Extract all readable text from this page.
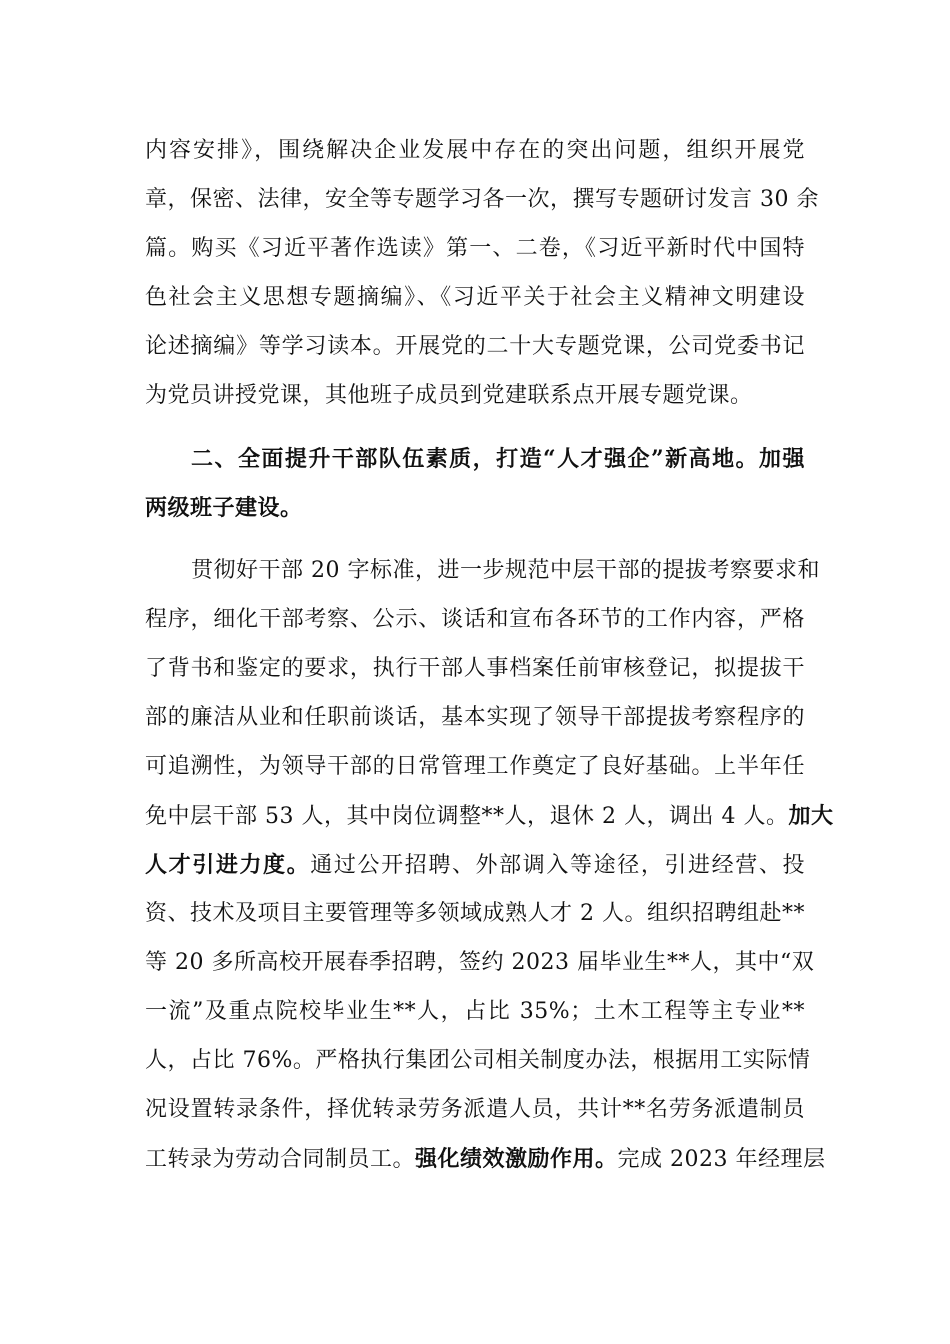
内容安排》，围绕解决企业发展中存在的突出问题，组织开展党
章，保密、法律，安全等专题学习各一次，撰写专题研讨发言 30 余
篇。购买《习近平著作选读》第一、二卷，《习近平新时代中国特
色社会主义思想专题摘编》、《习近平关于社会主义精神文明建设
论述摘编》等学习读本。开展党的二十大专题党课，公司党委书记
为党员讲授党课，其他班子成员到党建联系点开展专题党课。
二、全面提升干部队伍素质，打造“人才强企”新高地。加强
两级班子建设。
贯彻好干部 20 字标准，进一步规范中层干部的提拔考察要求和
程序，细化干部考察、公示、谈话和宣布各环节的工作内容，严格
了背书和鉴定的要求，执行干部人事档案任前审核登记，拟提拔干
部的廉洁从业和任职前谈话，基本实现了领导干部提拔考察程序的
可追溯性，为领导干部的日常管理工作奠定了良好基础。上半年任
免中层干部 53 人，其中岗位调整**人，退休 2 人，调出 4 人。加大
人才引进力度。通过公开招聘、外部调入等途径，引进经营、投
资、技术及项目主要管理等多领域成熟人才 2 人。组织招聘组赴**
等 20 多所高校开展春季招聘，签约 2023 届毕业生**人，其中“双
一流”及重点院校毕业生**人，占比 35%；土木工程等主专业**
人，占比 76%。严格执行集团公司相关制度办法，根据用工实际情
况设置转录条件，择优转录劳务派遣人员，共计**名劳务派遣制员
工转录为劳动合同制员工。强化绩效激励作用。完成 2023 年经理层
